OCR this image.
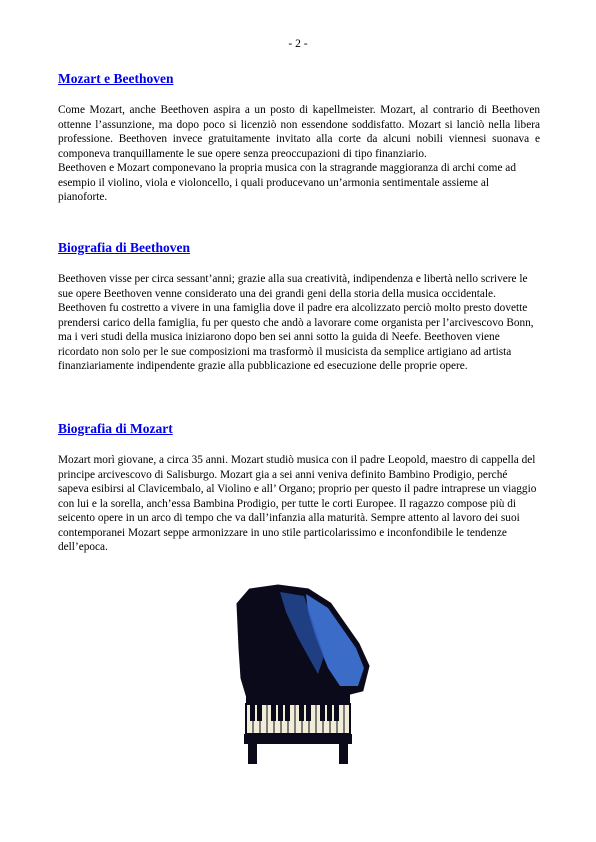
- 2 -

Mozart e Beethoven

Come Mozart, anche Beethoven aspira a un posto di kapellmeister. Mozart, al contrario di Beethoven ottenne l’assunzione, ma dopo poco si licenziò non essendone soddisfatto. Mozart si lanciò nella libera professione. Beethoven invece gratuitamente invitato alla corte da alcuni nobili viennesi suonava e componeva tranquillamente le sue opere senza preoccupazioni di tipo finanziario.

Beethoven e Mozart componevano la propria musica con la stragrande maggioranza di archi come ad esempio il violino, viola e violoncello, i quali producevano un’armonia sentimentale assieme al pianoforte.

Biografia di Beethoven

Beethoven visse per circa sessant’anni; grazie alla sua creatività, indipendenza e libertà nello scrivere le sue opere Beethoven venne considerato una dei grandi geni della storia della musica occidentale.

Beethoven fu costretto a vivere in una famiglia dove il padre era alcolizzato perciò molto presto dovette prendersi carico della famiglia, fu per questo che andò a lavorare come organista per l’arcivescovo Bonn, ma i veri studi della musica iniziarono dopo ben sei anni sotto la guida di Neefe. Beethoven viene ricordato non solo per le sue composizioni ma trasformò il musicista da semplice artigiano ad artista finanziariamente indipendente grazie alla pubblicazione ed esecuzione delle proprie opere.

Biografia di Mozart

Mozart morì giovane, a circa 35 anni. Mozart studiò musica con il padre Leopold, maestro di cappella del principe arcivescovo di Salisburgo. Mozart gia a sei anni veniva definito Bambino Prodigio, perché sapeva esibirsi al Clavicembalo, al Violino e all’ Organo; proprio per questo il padre intraprese un viaggio con lui e la sorella, anch’essa Bambina Prodigio, per tutte le corti Europee. Il ragazzo compose più di seicento opere in un arco di tempo che va dall’infanzia alla maturità. Sempre attento al lavoro dei suoi contemporanei Mozart seppe armonizzare in uno stile particolarissimo e inconfondibile le tendenze dell’epoca.
